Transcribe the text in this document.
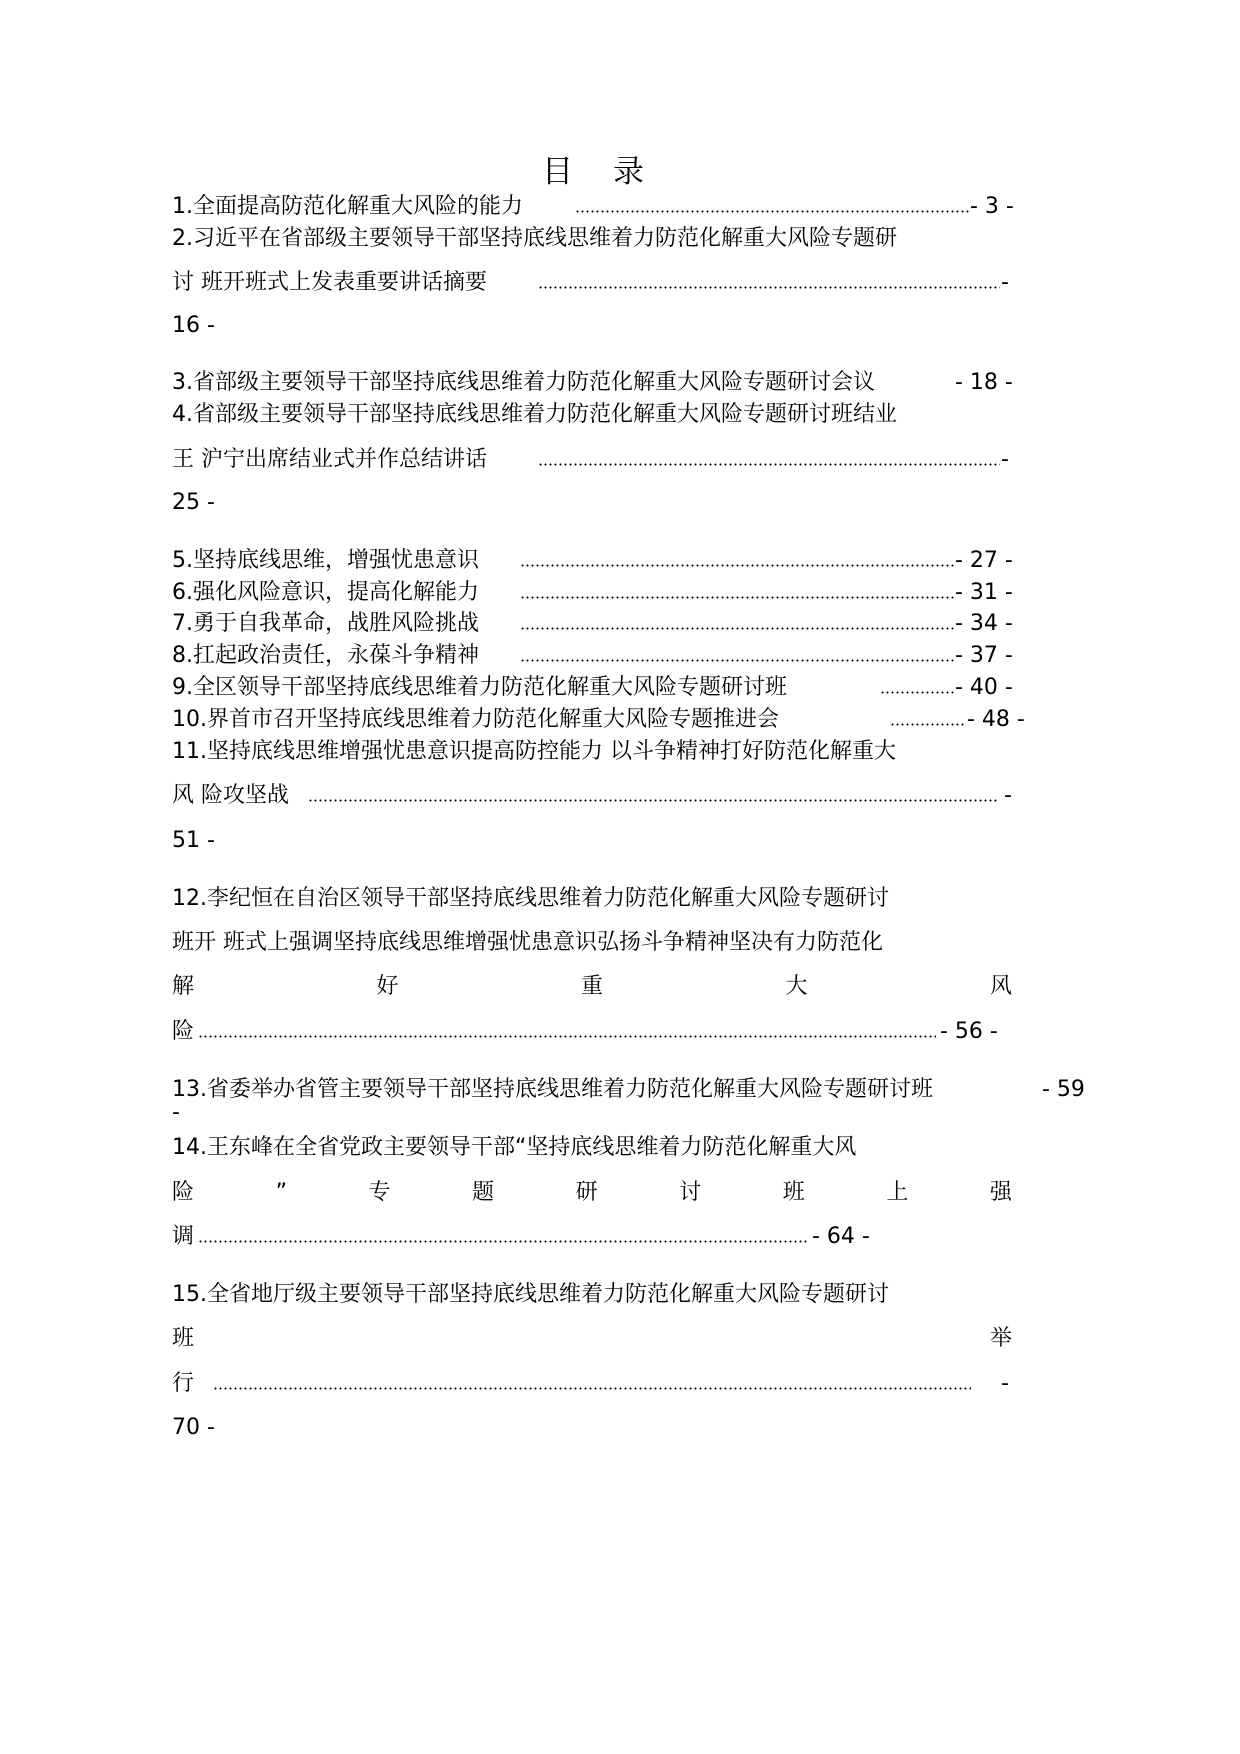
目 录
1.全面提高防范化解重大风险的能力	- 3 -
2.习近平在省部级主要领导干部坚持底线思维着力防范化解重大风险专题研
讨 班开班式上发表重要讲话摘要	-
16 -
3.省部级主要领导干部坚持底线思维着力防范化解重大风险专题研讨会议	- 18 -
4.省部级主要领导干部坚持底线思维着力防范化解重大风险专题研讨班结业
王 沪宁出席结业式并作总结讲话	-
25 -
5.坚持底线思维，增强忧患意识	- 27 -
6.强化风险意识，提高化解能力	- 31 -
7.勇于自我革命，战胜风险挑战	- 34 -
8.扛起政治责任，永葆斗争精神	- 37 -
9.全区领导干部坚持底线思维着力防范化解重大风险专题研讨班	- 40 -
10.界首市召开坚持底线思维着力防范化解重大风险专题推进会	- 48 -
11.坚持底线思维增强忧患意识提高防控能力 以斗争精神打好防范化解重大
风 险攻坚战	-
51 -
12.李纪恒在自治区领导干部坚持底线思维着力防范化解重大风险专题研讨
班开 班式上强调坚持底线思维增强忧患意识弘扬斗争精神坚决有力防范化
解	好	重	大	风
险	- 56 -
13.省委举办省管主要领导干部坚持底线思维着力防范化解重大风险专题研讨班	- 59
-
14.王东峰在全省党政主要领导干部“坚持底线思维着力防范化解重大风
险	”	专	题	研	讨	班	上	强
调	- 64 -
15.全省地厅级主要领导干部坚持底线思维着力防范化解重大风险专题研讨
班	举
行	-
70 -
